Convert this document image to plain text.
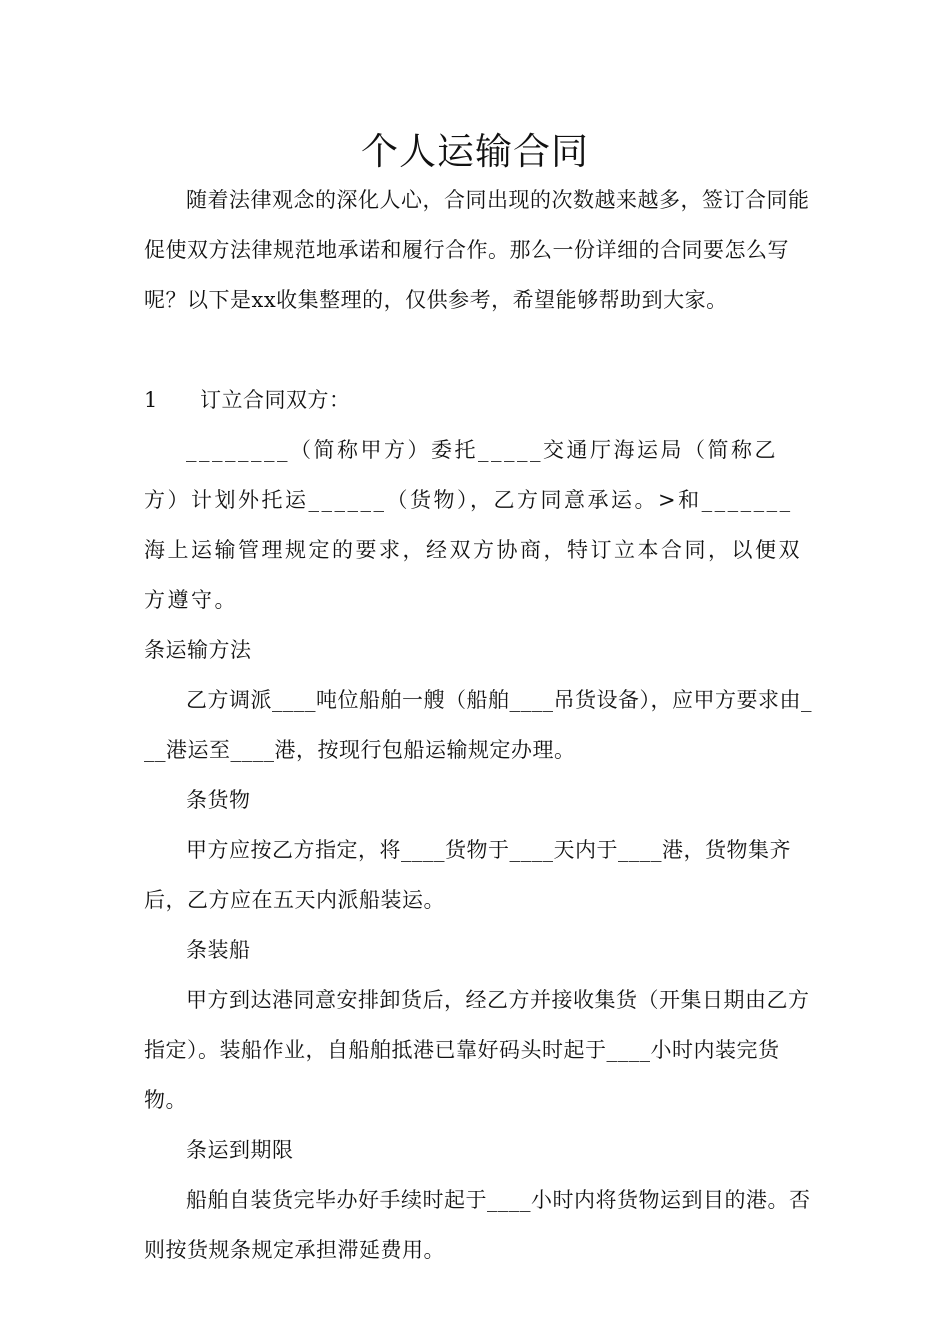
个人运输合同

随着法律观念的深化人心，合同出现的次数越来越多，签订合同能促使双方法律规范地承诺和履行合作。那么一份详细的合同要怎么写呢？以下是xx收集整理的，仅供参考，希望能够帮助到大家。

1 订立合同双方：

________（简称甲方）委托_____交通厅海运局（简称乙方）计划外托运______（货物），乙方同意承运。>和_______海上运输管理规定的要求，经双方协商，特订立本合同，以便双方遵守。

条运输方法

乙方调派____吨位船舶一艘（船舶____吊货设备），应甲方要求由___港运至____港，按现行包船运输规定办理。

条货物

甲方应按乙方指定，将____货物于____天内于____港，货物集齐后，乙方应在五天内派船装运。

条装船

甲方到达港同意安排卸货后，经乙方并接收集货（开集日期由乙方指定）。装船作业，自船舶抵港已靠好码头时起于____小时内装完货物。

条运到期限

船舶自装货完毕办好手续时起于____小时内将货物运到目的港。否则按货规条规定承担滞延费用。
